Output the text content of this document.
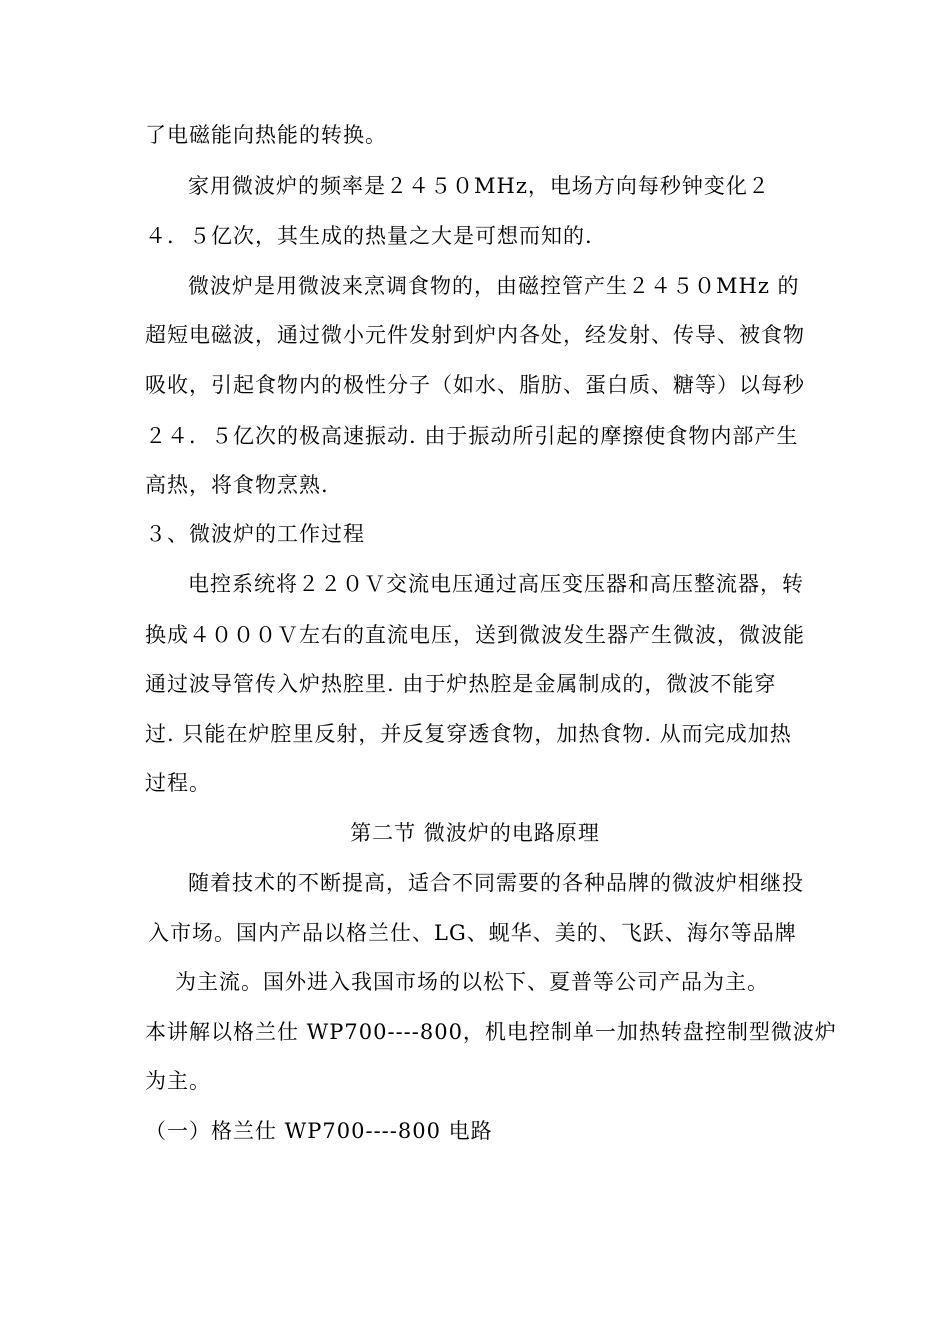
了电磁能向热能的转换。
家用微波炉的频率是２４５０MHz，电场方向每秒钟变化２
４．５亿次，其生成的热量之大是可想而知的.
微波炉是用微波来烹调食物的，由磁控管产生２４５０MHz 的
超短电磁波，通过微小元件发射到炉内各处，经发射、传导、被食物
吸收，引起食物内的极性分子（如水、脂肪、蛋白质、糖等）以每秒
２４．５亿次的极高速振动. 由于振动所引起的摩擦使食物内部产生
高热，将食物烹熟.
３、微波炉的工作过程
电控系统将２２０Ｖ交流电压通过高压变压器和高压整流器，转
换成４０００Ｖ左右的直流电压，送到微波发生器产生微波，微波能
通过波导管传入炉热腔里. 由于炉热腔是金属制成的，微波不能穿
过. 只能在炉腔里反射，并反复穿透食物，加热食物. 从而完成加热
过程。
第二节 微波炉的电路原理
随着技术的不断提高，适合不同需要的各种品牌的微波炉相继投
入市场。国内产品以格兰仕、LG、蚬华、美的、飞跃、海尔等品牌
为主流。国外进入我国市场的以松下、夏普等公司产品为主。
本讲解以格兰仕 WP700----800，机电控制单一加热转盘控制型微波炉
为主。
（一）格兰仕 WP700----800 电路
